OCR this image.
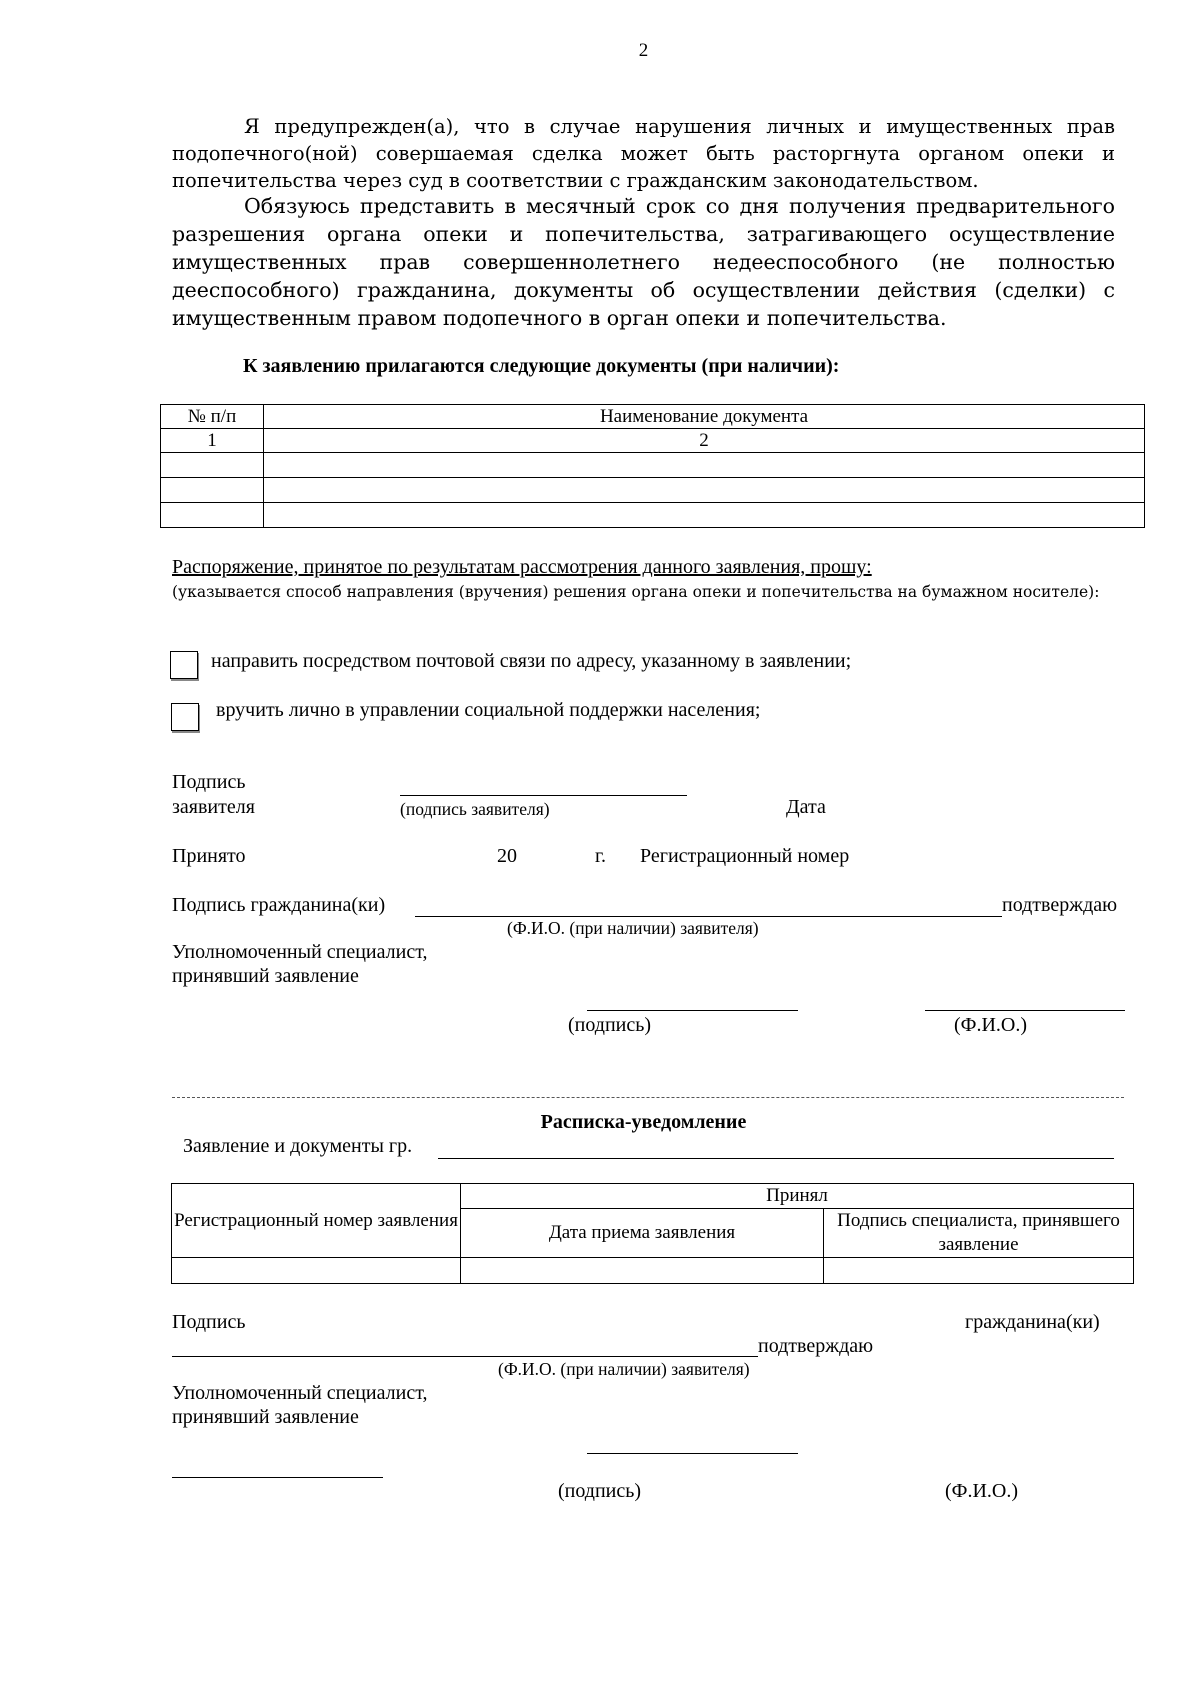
2
Я предупрежден(а), что в случае нарушения личных и имущественных прав подопечного(ной) совершаемая сделка может быть расторгнута органом опеки и попечительства через суд в соответствии с гражданским законодательством.
Обязуюсь представить в месячный срок со дня получения предварительного разрешения органа опеки и попечительства, затрагивающего осуществление имущественных прав совершеннолетнего недееспособного (не полностью дееспособного) гражданина, документы об осуществлении действия (сделки) с имущественным правом подопечного в орган опеки и попечительства.
К заявлению прилагаются следующие документы (при наличии):
№ п/п	Наименование документа
1	2

Распоряжение, принятое по результатам рассмотрения данного заявления, прошу:
(указывается способ направления (вручения) решения органа опеки и попечительства на бумажном носителе):
направить посредством почтовой связи по адресу, указанному в заявлении;
вручить лично в управлении социальной поддержки населения;
Подпись
заявителя	(подпись заявителя)	Дата
Принято	20	г. Регистрационный номер
Подпись гражданина(ки)	подтверждаю
(Ф.И.О. (при наличии) заявителя)
Уполномоченный специалист,
принявший заявление
(подпись)	(Ф.И.О.)
Расписка-уведомление
Заявление и документы гр.
Регистрационный номер заявления	Принял	
	Дата приема заявления	Подпись специалиста, принявшего заявление

Подпись	гражданина(ки)
подтверждаю
(Ф.И.О. (при наличии) заявителя)
Уполномоченный специалист,
принявший заявление
(подпись)	(Ф.И.О.)
